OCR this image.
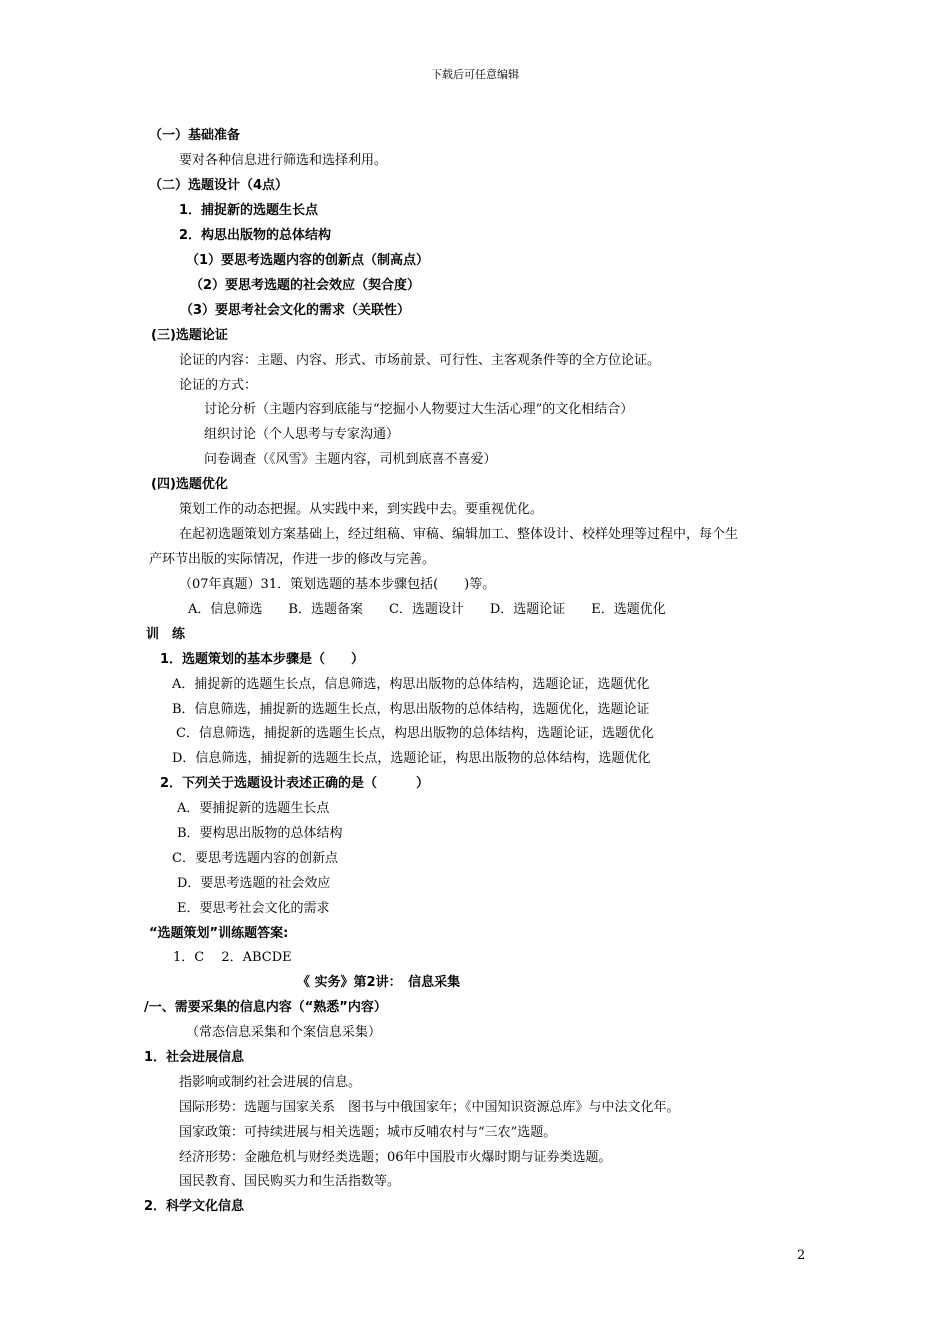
下载后可任意编辑
（一）基础准备
要对各种信息进行筛选和选择利用。
（二）选题设计（4点）
1．捕捉新的选题生长点
2．构思出版物的总体结构
（1）要思考选题内容的创新点（制高点）
（2）要思考选题的社会效应（契合度）
（3）要思考社会文化的需求（关联性）
(三)选题论证
论证的内容：主题、内容、形式、市场前景、可行性、主客观条件等的全方位论证。
论证的方式：
讨论分析（主题内容到底能与“挖掘小人物要过大生活心理”的文化相结合）
组织讨论（个人思考与专家沟通）
问卷调查（《风雪》主题内容，司机到底喜不喜爱）
(四)选题优化
策划工作的动态把握。从实践中来，到实践中去。要重视优化。
在起初选题策划方案基础上，经过组稿、审稿、编辑加工、整体设计、校样处理等过程中，每个生
产环节出版的实际情况，作进一步的修改与完善。
（07年真题）31．策划选题的基本步骤包括(　　)等。
A．信息筛选　　B．选题备案　　C．选题设计　　D．选题论证　　E．选题优化
训　练
1．选题策划的基本步骤是（　　）
A．捕捉新的选题生长点，信息筛选，构思出版物的总体结构，选题论证，选题优化
B．信息筛选，捕捉新的选题生长点，构思出版物的总体结构，选题优化，选题论证
C．信息筛选，捕捉新的选题生长点，构思出版物的总体结构，选题论证，选题优化
D．信息筛选，捕捉新的选题生长点，选题论证，构思出版物的总体结构，选题优化
2．下列关于选题设计表述正确的是（　　　）
A．要捕捉新的选题生长点
B．要构思出版物的总体结构
C．要思考选题内容的创新点
D．要思考选题的社会效应
E．要思考社会文化的需求
“选题策划”训练题答案:
1．C　 2．ABCDE
《 实务》第2讲：　信息采集
/一、需要采集的信息内容（“熟悉”内容）
（常态信息采集和个案信息采集）
1．社会进展信息
指影响或制约社会进展的信息。
国际形势：选题与国家关系　图书与中俄国家年；《中国知识资源总库》与中法文化年。
国家政策：可持续进展与相关选题；城市反哺农村与“三农”选题。
经济形势：金融危机与财经类选题；06年中国股市火爆时期与证券类选题。
国民教育、国民购买力和生活指数等。
2．科学文化信息
2
